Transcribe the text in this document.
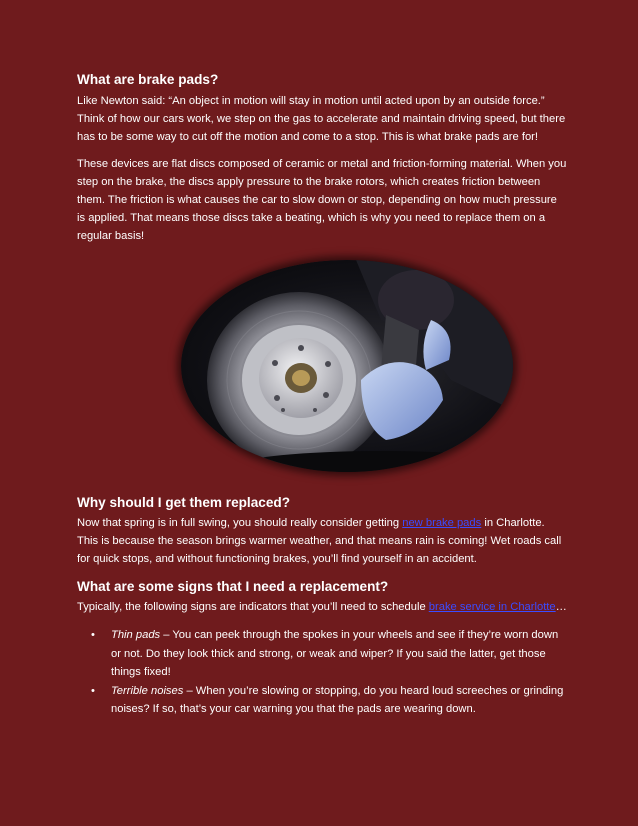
What are brake pads?

Like Newton said: “An object in motion will stay in motion until acted upon by an outside force.” Think of how our cars work, we step on the gas to accelerate and maintain driving speed, but there has to be some way to cut off the motion and come to a stop. This is what brake pads are for!

These devices are flat discs composed of ceramic or metal and friction-forming material. When you step on the brake, the discs apply pressure to the brake rotors, which creates friction between them. The friction is what causes the car to slow down or stop, depending on how much pressure is applied. That means those discs take a beating, which is why you need to replace them on a regular basis!

Why should I get them replaced?

Now that spring is in full swing, you should really consider getting new brake pads in Charlotte. This is because the season brings warmer weather, and that means rain is coming! Wet roads call for quick stops, and without functioning brakes, you’ll find yourself in an accident.

What are some signs that I need a replacement?

Typically, the following signs are indicators that you’ll need to schedule brake service in Charlotte…

• Thin pads – You can peek through the spokes in your wheels and see if they’re worn down or not. Do they look thick and strong, or weak and wiper? If you said the latter, get those things fixed!
• Terrible noises – When you’re slowing or stopping, do you heard loud screeches or grinding noises? If so, that’s your car warning you that the pads are wearing down.
